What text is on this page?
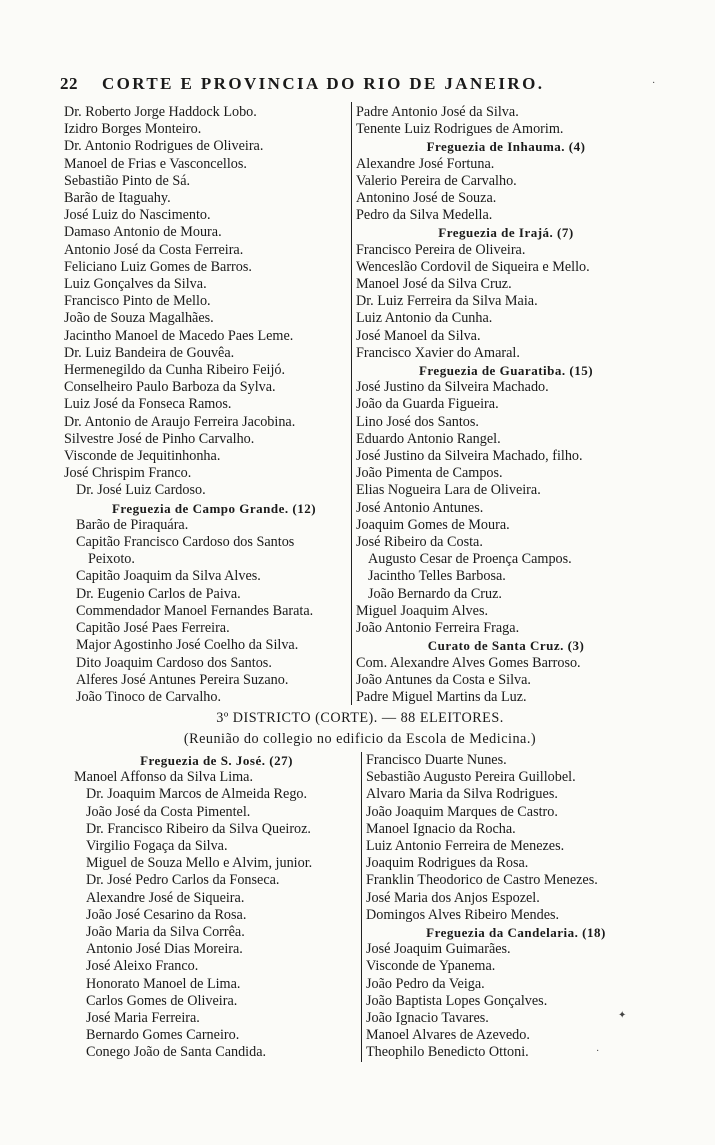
22 CORTE E PROVINCIA DO RIO DE JANEIRO.
Dr. Roberto Jorge Haddock Lobo.
Izidro Borges Monteiro.
Dr. Antonio Rodrigues de Oliveira.
Manoel de Frias e Vasconcellos.
Sebastião Pinto de Sá.
Barão de Itaguahy.
José Luiz do Nascimento.
Damaso Antonio de Moura.
Antonio José da Costa Ferreira.
Feliciano Luiz Gomes de Barros.
Luiz Gonçalves da Silva.
Francisco Pinto de Mello.
João de Souza Magalhães.
Jacintho Manoel de Macedo Paes Leme.
Dr. Luiz Bandeira de Gouvêa.
Hermenegildo da Cunha Ribeiro Feijó.
Conselheiro Paulo Barboza da Sylva.
Luiz José da Fonseca Ramos.
Dr. Antonio de Araujo Ferreira Jacobina.
Silvestre José de Pinho Carvalho.
Visconde de Jequitinhonha.
José Chrispim Franco.
Dr. José Luiz Cardoso.
Freguezia de Campo Grande. (12)
Barão de Piraquára.
Capitão Francisco Cardoso dos Santos
Peixoto.
Capitão Joaquim da Silva Alves.
Dr. Eugenio Carlos de Paiva.
Commendador Manoel Fernandes Barata.
Capitão José Paes Ferreira.
Major Agostinho José Coelho da Silva.
Dito Joaquim Cardoso dos Santos.
Alferes José Antunes Pereira Suzano.
João Tinoco de Carvalho.
Padre Antonio José da Silva.
Tenente Luiz Rodrigues de Amorim.
Freguezia de Inhauma. (4)
Alexandre José Fortuna.
Valerio Pereira de Carvalho.
Antonino José de Souza.
Pedro da Silva Medella.
Freguezia de Irajá. (7)
Francisco Pereira de Oliveira.
Wenceslão Cordovil de Siqueira e Mello.
Manoel José da Silva Cruz.
Dr. Luiz Ferreira da Silva Maia.
Luiz Antonio da Cunha.
José Manoel da Silva.
Francisco Xavier do Amaral.
Freguezia de Guaratiba. (15)
José Justino da Silveira Machado.
João da Guarda Figueira.
Lino José dos Santos.
Eduardo Antonio Rangel.
José Justino da Silveira Machado, filho.
João Pimenta de Campos.
Elias Nogueira Lara de Oliveira.
José Antonio Antunes.
Joaquim Gomes de Moura.
José Ribeiro da Costa.
Augusto Cesar de Proença Campos.
Jacintho Telles Barbosa.
João Bernardo da Cruz.
Miguel Joaquim Alves.
João Antonio Ferreira Fraga.
Curato de Santa Cruz. (3)
Com. Alexandre Alves Gomes Barroso.
João Antunes da Costa e Silva.
Padre Miguel Martins da Luz.
3º DISTRICTO (CORTE). — 88 ELEITORES.
(Reunião do collegio no edificio da Escola de Medicina.)
Freguezia de S. José. (27)
Manoel Affonso da Silva Lima.
Dr. Joaquim Marcos de Almeida Rego.
João José da Costa Pimentel.
Dr. Francisco Ribeiro da Silva Queiroz.
Virgilio Fogaça da Silva.
Miguel de Souza Mello e Alvim, junior.
Dr. José Pedro Carlos da Fonseca.
Alexandre José de Siqueira.
João José Cesarino da Rosa.
João Maria da Silva Corrêa.
Antonio José Dias Moreira.
José Aleixo Franco.
Honorato Manoel de Lima.
Carlos Gomes de Oliveira.
José Maria Ferreira.
Bernardo Gomes Carneiro.
Conego João de Santa Candida.
Francisco Duarte Nunes.
Sebastião Augusto Pereira Guillobel.
Alvaro Maria da Silva Rodrigues.
João Joaquim Marques de Castro.
Manoel Ignacio da Rocha.
Luiz Antonio Ferreira de Menezes.
Joaquim Rodrigues da Rosa.
Franklin Theodorico de Castro Menezes.
José Maria dos Anjos Espozel.
Domingos Alves Ribeiro Mendes.
Freguezia da Candelaria. (18)
José Joaquim Guimarães.
Visconde de Ypanema.
João Pedro da Veiga.
João Baptista Lopes Gonçalves.
João Ignacio Tavares.
Manoel Alvares de Azevedo.
Theophilo Benedicto Ottoni.
·
✦
·
